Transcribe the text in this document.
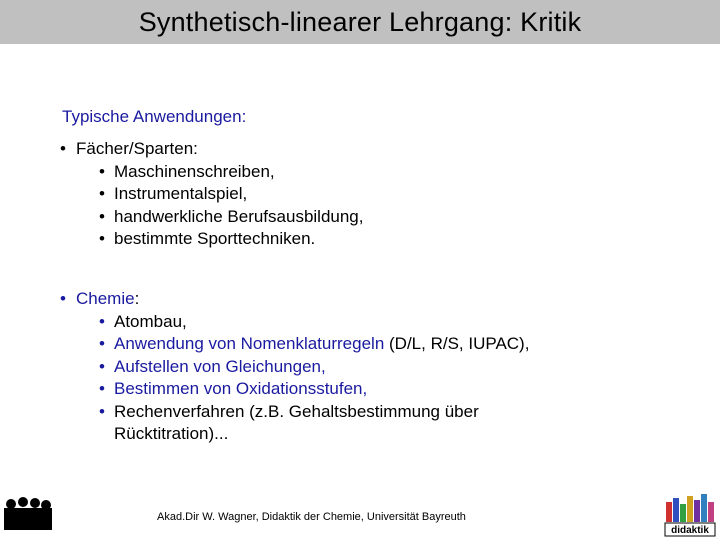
Synthetisch-linearer Lehrgang: Kritik
Typische Anwendungen:
• Fächer/Sparten:
• Maschinenschreiben,
• Instrumentalspiel,
• handwerkliche Berufsausbildung,
• bestimmte Sporttechniken.
• Chemie:
• Atombau,
• Anwendung von Nomenklaturregeln (D/L, R/S, IUPAC),
• Aufstellen von Gleichungen,
• Bestimmen von Oxidationsstufen,
• Rechenverfahren (z.B. Gehaltsbestimmung über
Rücktitration)...
Akad.Dir W. Wagner, Didaktik der Chemie, Universität Bayreuth
didaktik
